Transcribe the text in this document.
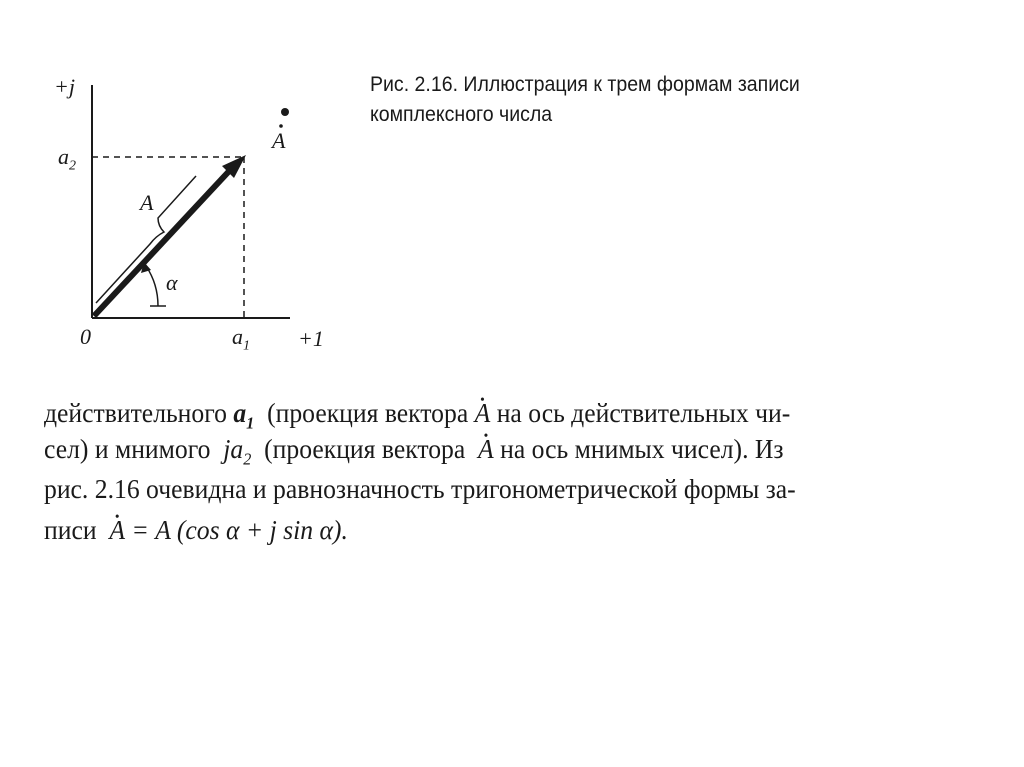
+j
+1
0
$a_2$
$a_1$
A
A
α
Рис. 2.16. Иллюстрация к трем формам записи комплексного числа
действительного $a_1$ (проекция вектора A • на ось действительных чи-
сел) и мнимого $ja_2$ (проекция вектора A • на ось мнимых чисел). Из
рис. 2.16 очевидна и равнозначность тригонометрической формы за-
писи A • = A (cos α + j sin α).
